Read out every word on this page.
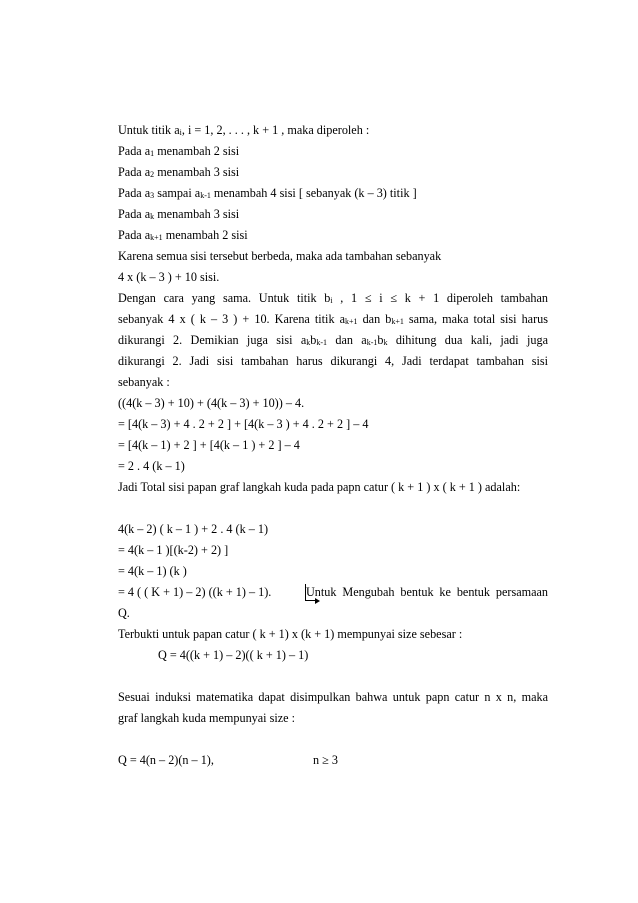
Untuk titik ai, i = 1, 2, . . . , k + 1 , maka diperoleh :
Pada a1 menambah 2 sisi
Pada a2 menambah 3 sisi
Pada a3 sampai ak-1 menambah 4 sisi [ sebanyak (k – 3) titik ]
Pada ak menambah 3 sisi
Pada ak+1 menambah 2 sisi
Karena semua sisi tersebut berbeda, maka ada tambahan sebanyak
4 x (k – 3 ) + 10 sisi.
Dengan cara yang sama. Untuk titik bi , 1 ≤ i ≤ k + 1 diperoleh tambahan
sebanyak 4 x ( k – 3 ) + 10. Karena titik ak+1 dan bk+1 sama, maka total sisi harus
dikurangi 2. Demikian juga sisi akbk-1 dan ak-1bk dihitung dua kali, jadi juga
dikurangi 2. Jadi sisi tambahan harus dikurangi 4, Jadi terdapat tambahan sisi
sebanyak :
((4(k – 3) + 10) + (4(k – 3) + 10)) – 4.
= [4(k – 3) + 4 . 2 + 2 ] + [4(k – 3 ) + 4 . 2 + 2 ] – 4
= [4(k – 1) + 2 ] + [4(k – 1 ) + 2 ] – 4
= 2 . 4 (k – 1)
Jadi Total sisi papan graf langkah kuda pada papn catur ( k + 1 ) x ( k + 1 ) adalah:
4(k – 2) ( k – 1 ) + 2 . 4 (k – 1)
= 4(k – 1 )[(k-2) + 2) ]
= 4(k – 1) (k )
= 4 ( ( K + 1) – 2) ((k + 1) – 1).	Untuk Mengubah bentuk ke bentuk persamaan
Q.
Terbukti untuk papan catur ( k + 1) x (k + 1) mempunyai size sebesar :
Q = 4((k + 1) – 2)(( k + 1) – 1)
Sesuai induksi matematika dapat disimpulkan bahwa untuk papn catur n x n, maka
graf langkah kuda mempunyai size :
Q = 4(n – 2)(n – 1),	n ≥ 3
